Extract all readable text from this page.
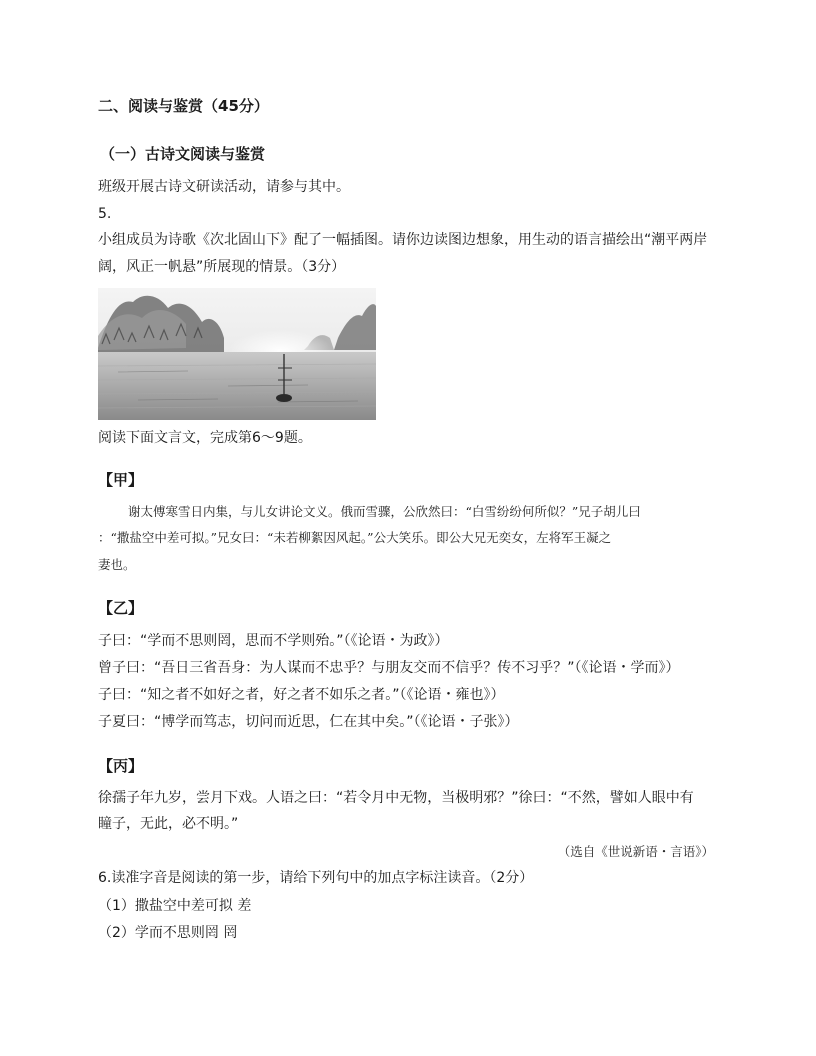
二、阅读与鉴赏（45分）
（一）古诗文阅读与鉴赏
班级开展古诗文研读活动，请参与其中。
5.
小组成员为诗歌《次北固山下》配了一幅插图。请你边读图边想象，用生动的语言描绘出“潮平两岸
阔，风正一帆悬”所展现的情景。（3分）
阅读下面文言文，完成第6～9题。
【甲】
谢太傅寒雪日内集，与儿女讲论文义。俄而雪骤，公欣然曰：“白雪纷纷何所似？”兄子胡儿曰
：“撒盐空中差可拟。”兄女曰：“未若柳絮因风起。”公大笑乐。即公大兄无奕女，左将军王凝之
妻也。
【乙】
子曰：“学而不思则罔，思而不学则殆。”（《论语・为政》）
曾子曰：“吾日三省吾身：为人谋而不忠乎？与朋友交而不信乎？传不习乎？”（《论语・学而》）
子曰：“知之者不如好之者，好之者不如乐之者。”（《论语・雍也》）
子夏曰：“博学而笃志，切问而近思，仁在其中矣。”（《论语・子张》）
【丙】
徐孺子年九岁，尝月下戏。人语之曰：“若令月中无物，当极明邪？”徐曰：“不然，譬如人眼中有
瞳子，无此，必不明。”
（选自《世说新语・言语》）
6.读准字音是阅读的第一步，请给下列句中的加点字标注读音。（2分）
（1）撒盐空中差可拟 差
（2）学而不思则罔 罔
